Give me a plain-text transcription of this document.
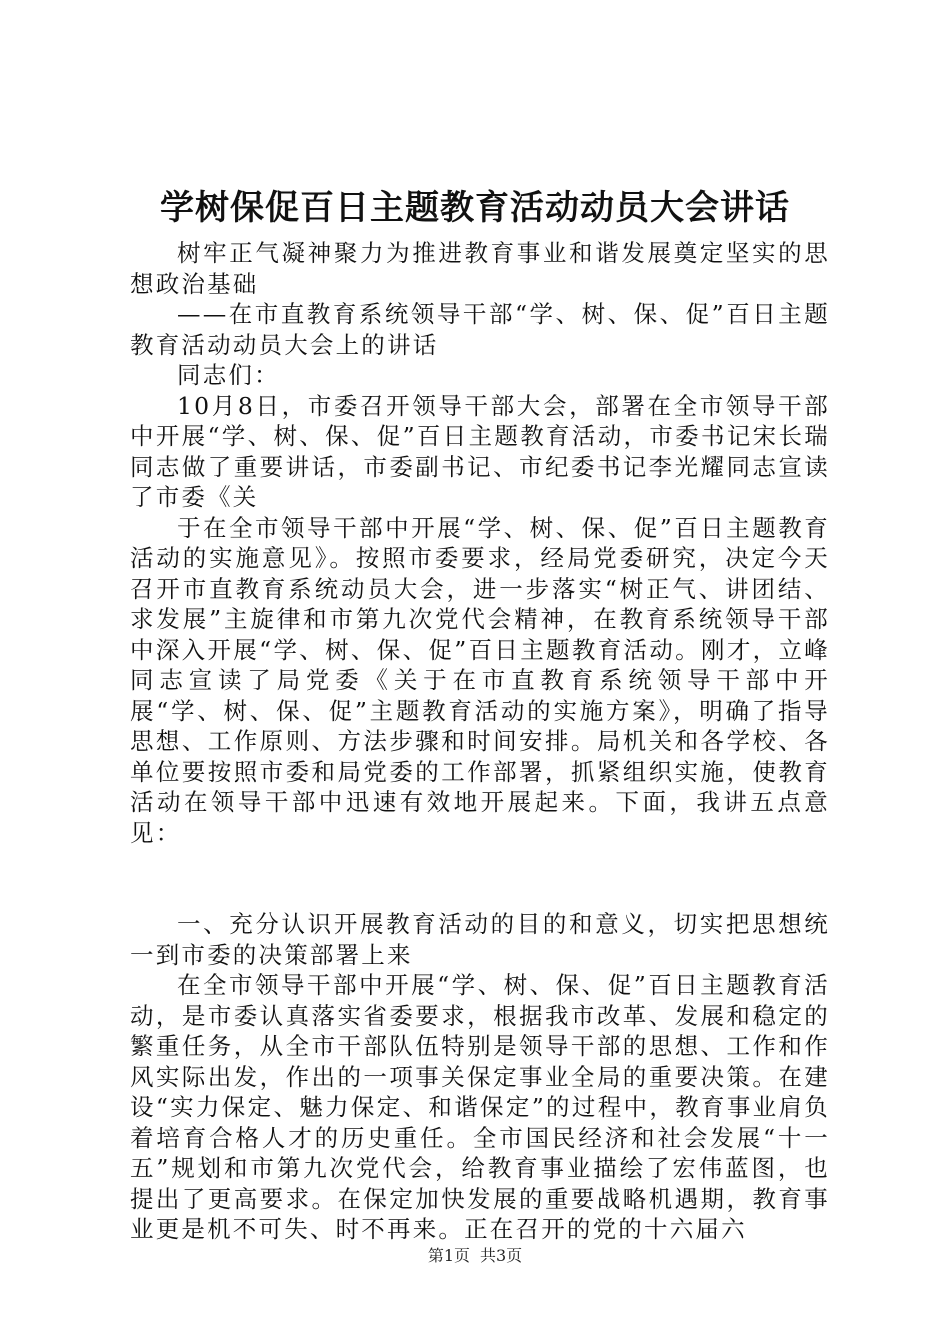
学树保促百日主题教育活动动员大会讲话

树牢正气凝神聚力为推进教育事业和谐发展奠定坚实的思想政治基础

——在市直教育系统领导干部“学、树、保、促”百日主题教育活动动员大会上的讲话

同志们：

10月8日，市委召开领导干部大会，部署在全市领导干部中开展“学、树、保、促”百日主题教育活动，市委书记宋长瑞同志做了重要讲话，市委副书记、市纪委书记李光耀同志宣读了市委《关

于在全市领导干部中开展“学、树、保、促”百日主题教育活动的实施意见》。按照市委要求，经局党委研究，决定今天召开市直教育系统动员大会，进一步落实“树正气、讲团结、求发展”主旋律和市第九次党代会精神，在教育系统领导干部中深入开展“学、树、保、促”百日主题教育活动。刚才，立峰同志宣读了局党委《关于在市直教育系统领导干部中开展“学、树、保、促”主题教育活动的实施方案》，明确了指导思想、工作原则、方法步骤和时间安排。局机关和各学校、各单位要按照市委和局党委的工作部署，抓紧组织实施，使教育活动在领导干部中迅速有效地开展起来。下面，我讲五点意见：

一、充分认识开展教育活动的目的和意义，切实把思想统一到市委的决策部署上来

在全市领导干部中开展“学、树、保、促”百日主题教育活动，是市委认真落实省委要求，根据我市改革、发展和稳定的繁重任务，从全市干部队伍特别是领导干部的思想、工作和作风实际出发，作出的一项事关保定事业全局的重要决策。在建设“实力保定、魅力保定、和谐保定”的过程中，教育事业肩负着培育合格人才的历史重任。全市国民经济和社会发展“十一五”规划和市第九次党代会，给教育事业描绘了宏伟蓝图，也提出了更高要求。在保定加快发展的重要战略机遇期，教育事业更是机不可失、时不再来。正在召开的党的十六届六

第1页 共3页
